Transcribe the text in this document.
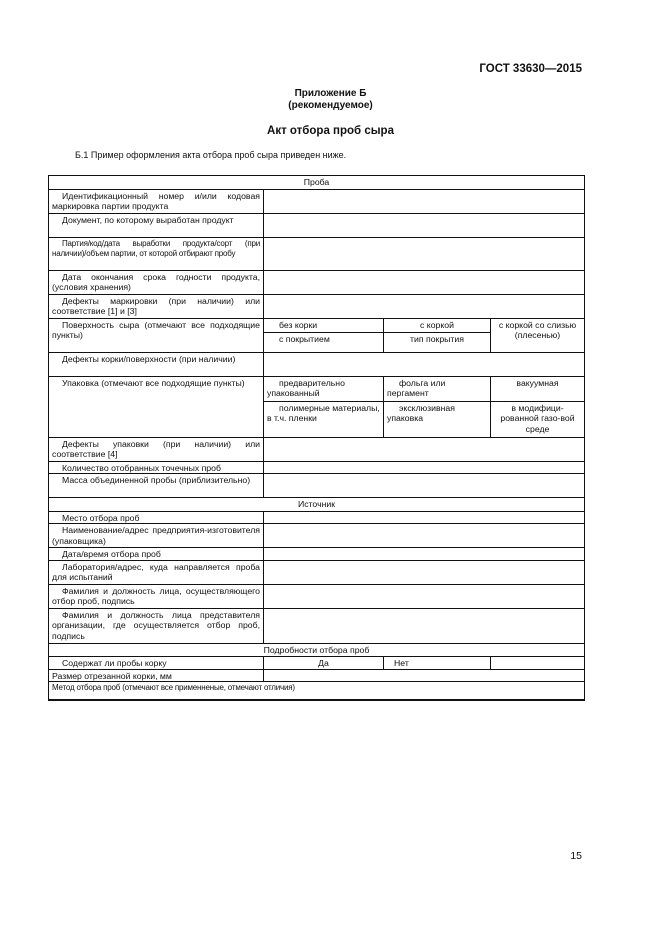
ГОСТ 33630—2015
Приложение Б
(рекомендуемое)
Акт отбора проб сыра
Б.1 Пример оформления акта отбора проб сыра приведен ниже.
Проба			
Идентификационный номер и/или кодовая маркировка партии продукта			
Документ, по которому выработан продукт			
Партия/код/дата выработки продукта/сорт (при наличии)/объем партии, от которой отбирают пробу			
Дата окончания срока годности продукта, (условия хранения)			
Дефекты маркировки (при наличии) или соответствие [1] и [3]			
Поверхность сыра (отмечают все подходящие пункты)	без корки	с коркой	с коркой со слизью (плесенью)
	с покрытием	тип покрытия	
Дефекты корки/поверхности (при наличии)			
Упаковка (отмечают все подходящие пункты)	предварительно упакованный	фольга или пергамент	вакуумная
	полимерные материалы, в т.ч. пленки	эксклюзивная упаковка	в модифици-рованной газо-вой среде
Дефекты упаковки (при наличии) или соответствие [4]			
Количество отобранных точечных проб			
Масса объединенной пробы (приблизительно)			
Источник			
Место отбора проб			
Наименование/адрес предприятия-изготовителя (упаковщика)			
Дата/время отбора проб			
Лаборатория/адрес, куда направляется проба для испытаний			
Фамилия и должность лица, осуществляющего отбор проб, подпись			
Фамилия и должность лица представителя организации, где осуществляется отбор проб, подпись			
Подробности отбора проб			
Содержат ли пробы корку	Да	Нет	
Размер отрезанной корки, мм			
Метод отбора проб (отмечают все применненые, отмечают отличия)			
15
